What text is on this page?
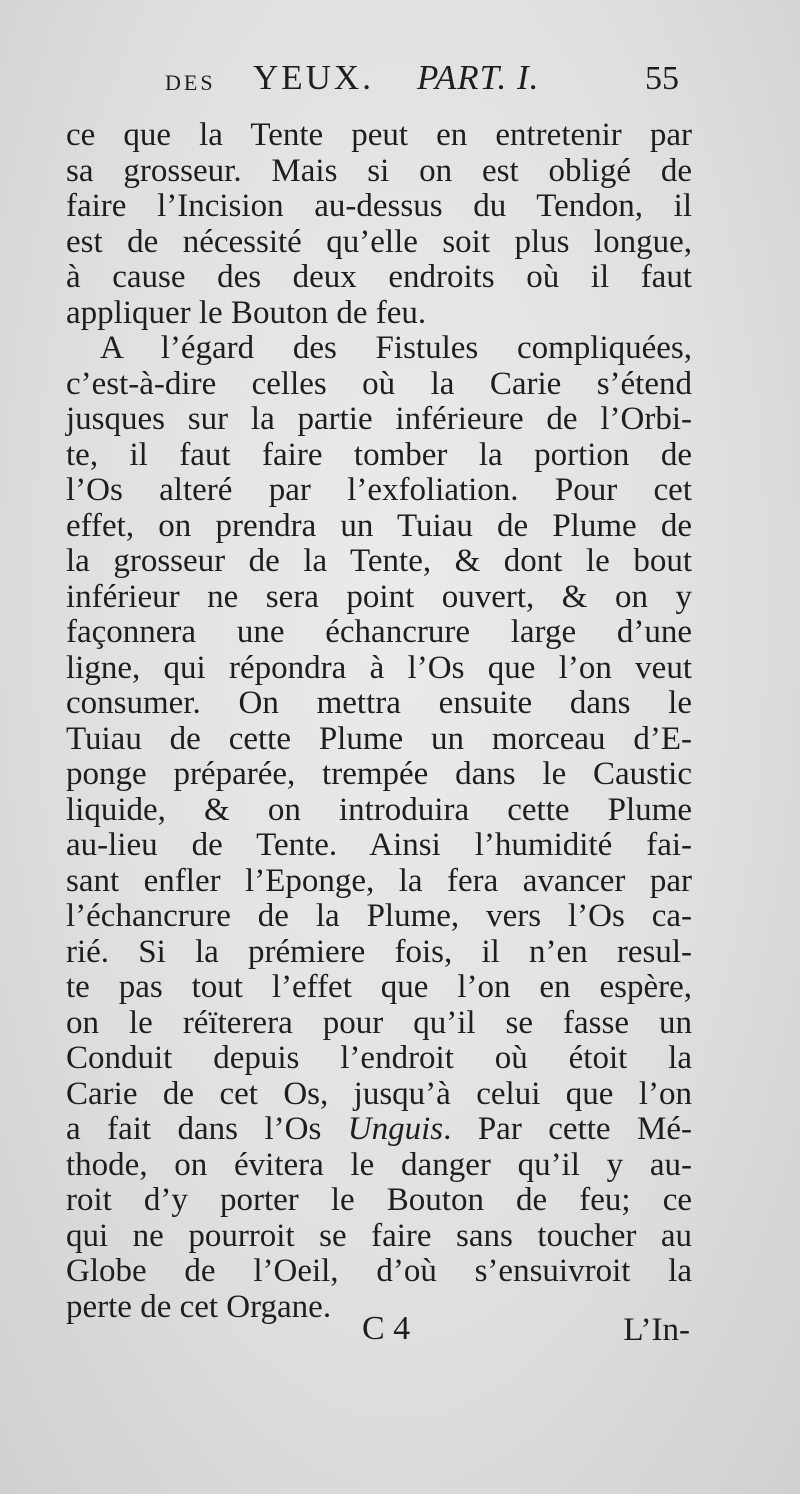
DES YEUX. PART. I.	55
ce que la Tente peut en entretenir par
sa grosseur. Mais si on est obligé de
faire l’Incision au-dessus du Tendon, il
est de nécessité qu’elle soit plus longue,
à cause des deux endroits où il faut
appliquer le Bouton de feu.
A l’égard des Fistules compliquées,
c’est-à-dire celles où la Carie s’étend
jusques sur la partie inférieure de l’Orbi-
te, il faut faire tomber la portion de
l’Os alteré par l’exfoliation. Pour cet
effet, on prendra un Tuiau de Plume de
la grosseur de la Tente, & dont le bout
inférieur ne sera point ouvert, & on y
façonnera une échancrure large d’une
ligne, qui répondra à l’Os que l’on veut
consumer. On mettra ensuite dans le
Tuiau de cette Plume un morceau d’E-
ponge préparée, trempée dans le Caustic
liquide, & on introduira cette Plume
au-lieu de Tente. Ainsi l’humidité fai-
sant enfler l’Eponge, la fera avancer par
l’échancrure de la Plume, vers l’Os ca-
rié. Si la prémiere fois, il n’en resul-
te pas tout l’effet que l’on en espère,
on le réïterera pour qu’il se fasse un
Conduit depuis l’endroit où étoit la
Carie de cet Os, jusqu’à celui que l’on
a fait dans l’Os Unguis. Par cette Mé-
thode, on évitera le danger qu’il y au-
roit d’y porter le Bouton de feu; ce
qui ne pourroit se faire sans toucher au
Globe de l’Oeil, d’où s’ensuivroit la
perte de cet Organe.
C 4	L’In-
